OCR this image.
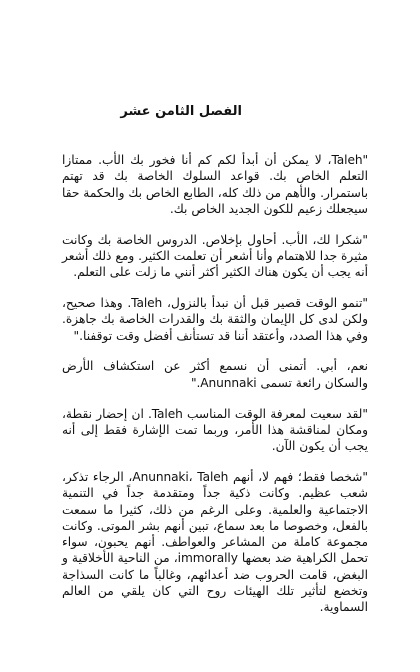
الفصل الثامن عشر

"Taleh، لا يمكن أن أبدأ لكم كم أنا فخور بك الأب. ممتازا التعلم الخاص بك. قواعد السلوك الخاصة بك قد تهتم باستمرار. والأهم من ذلك كله، الطابع الخاص بك والحكمة حقا سيجعلك زعيم للكون الجديد الخاص بك.

"شكرا لك، الأب. أحاول بإخلاص. الدروس الخاصة بك وكانت مثيرة جدا للاهتمام وأنا أشعر أن تعلمت الكثير. ومع ذلك أشعر أنه يجب أن يكون هناك الكثير أكثر أنني ما زلت على التعلم.

"تنمو الوقت قصير قبل أن نبدأ بالنزول، Taleh. وهذا صحيح، ولكن لدى كل الإيمان والثقة بك والقدرات الخاصة بك جاهزة. وفي هذا الصدد، وأعتقد أننا قد تستأنف أفضل وقت توقفنا."

نعم، أبي. أتمنى أن نسمع أكثر عن استكشاف الأرض والسكان رائعة تسمى Anunnaki."

"لقد سعيت لمعرفة الوقت المناسب Taleh. ان إحضار نقطة، ومكان لمناقشة هذا الأمر، وربما تمت الإشارة فقط إلى أنه يجب أن يكون الآن.

"شخصا فقط؛ فهم لا، أنهم Anunnaki، Taleh، الرجاء تذكر، شعب عظيم. وكانت ذكية جداً ومتقدمة جداً في التنمية الاجتماعية والعلمية. وعلى الرغم من ذلك، كثيرا ما سمعت بالفعل، وخصوصا ما بعد سماع، تبين أنهم بشر الموتى. وكانت مجموعة كاملة من المشاعر والعواطف. أنهم يحبون، سواء تحمل الكراهية ضد بعضها immorally، من الناحية الأخلاقية و البغض، قامت الحروب ضد أعدائهم، وغالباً ما كانت السذاجة وتخضع لتأثير تلك الهيئات روح التي كان يلقي من العالم السماوية.
